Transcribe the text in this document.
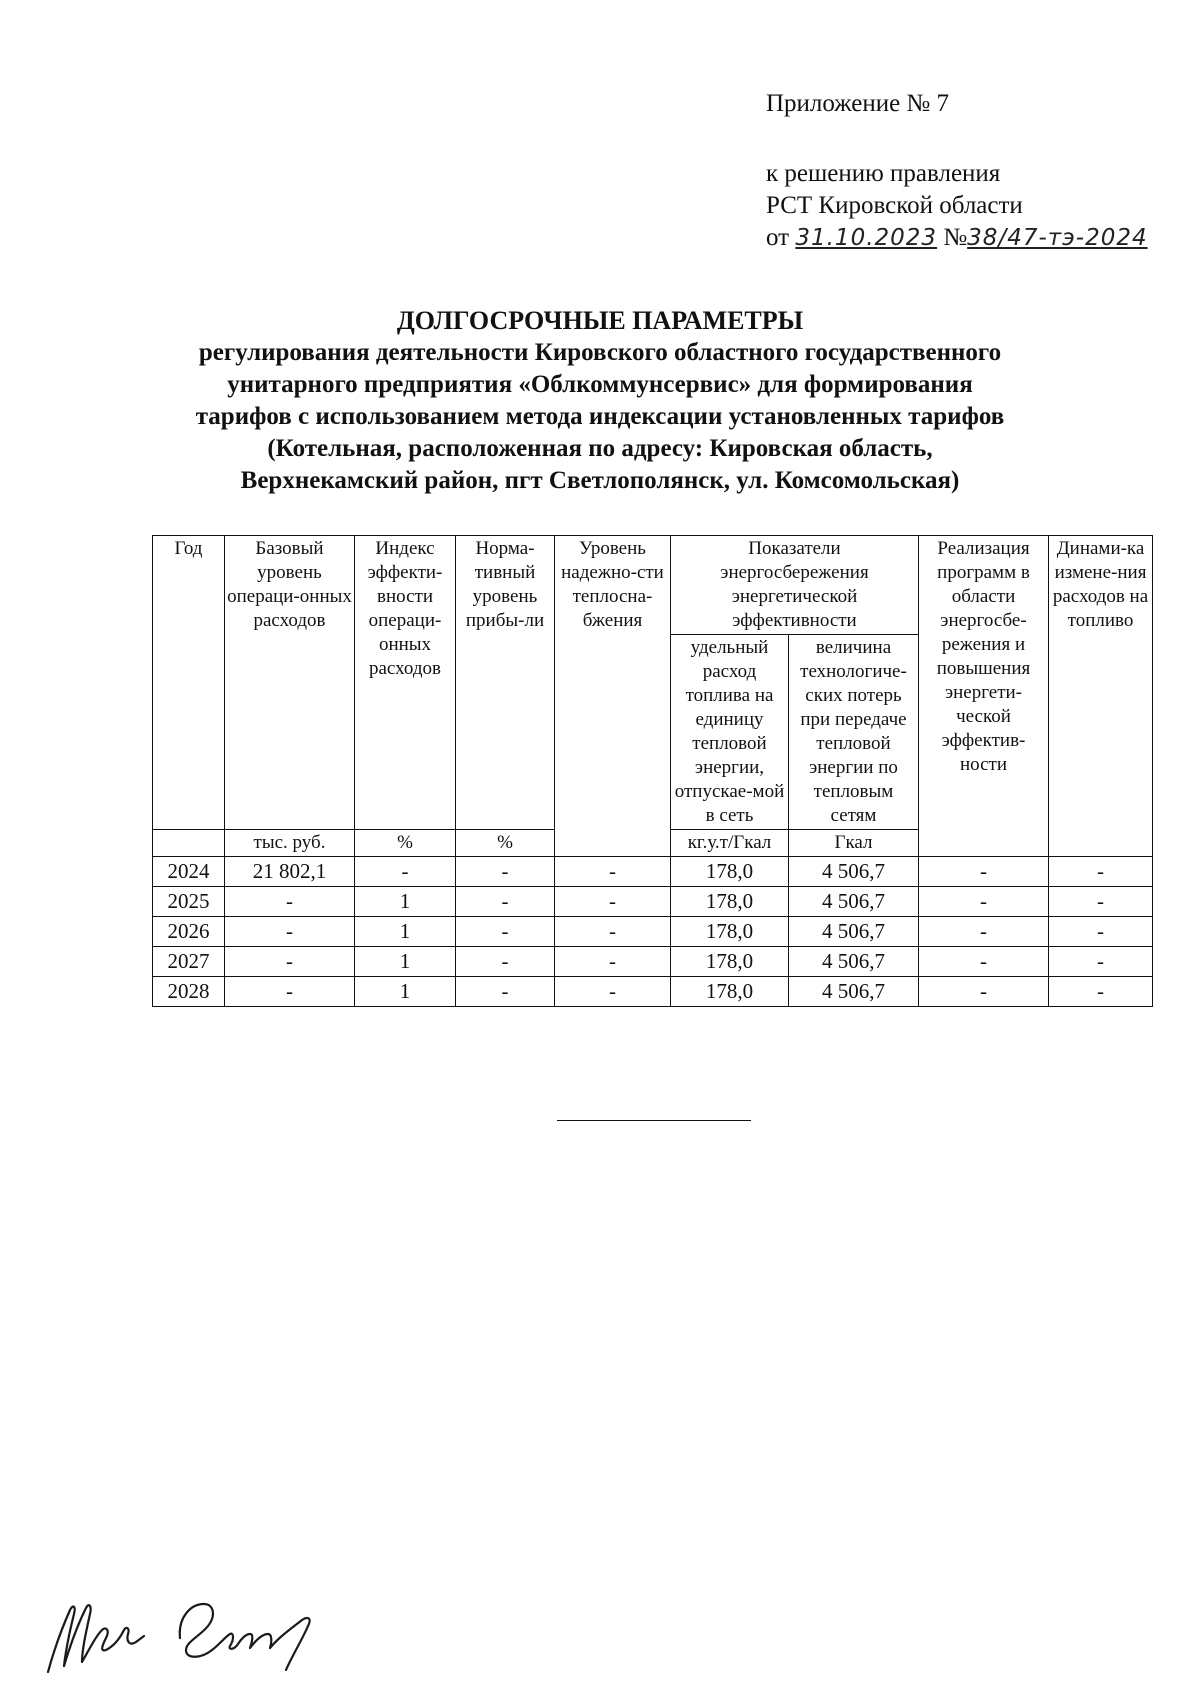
Приложение № 7
к решению правления
РСТ Кировской области
от 31.10.2023 №38/47-тэ-2024
ДОЛГОСРОЧНЫЕ ПАРАМЕТРЫ
регулирования деятельности Кировского областного государственного
унитарного предприятия «Облкоммунсервис» для формирования
тарифов с использованием метода индексации установленных тарифов
(Котельная, расположенная по адресу: Кировская область,
Верхнекамский район, пгт Светлополянск, ул. Комсомольская)
Год	Базовый уровень операци-онных расходов	Индекс эффекти-вности операци-онных расходов	Норма-тивный уровень прибы-ли	Уровень надежно-сти теплосна-бжения	Показатели энергосбережения энергетической эффективности		Реализация программ в области энергосбе-режения и повышения энергети-ческой эффектив-ности	Динами-ка измене-ния расходов на топливо
					удельный расход топлива на единицу тепловой энергии, отпускае-мой в сеть	величина технологиче-ских потерь при передаче тепловой энергии по тепловым сетям		
	тыс. руб.	%	%		кг.у.т/Гкал	Гкал		
2024	21 802,1	-	-	-	178,0	4 506,7	-	-
2025	-	1	-	-	178,0	4 506,7	-	-
2026	-	1	-	-	178,0	4 506,7	-	-
2027	-	1	-	-	178,0	4 506,7	-	-
2028	-	1	-	-	178,0	4 506,7	-	-
